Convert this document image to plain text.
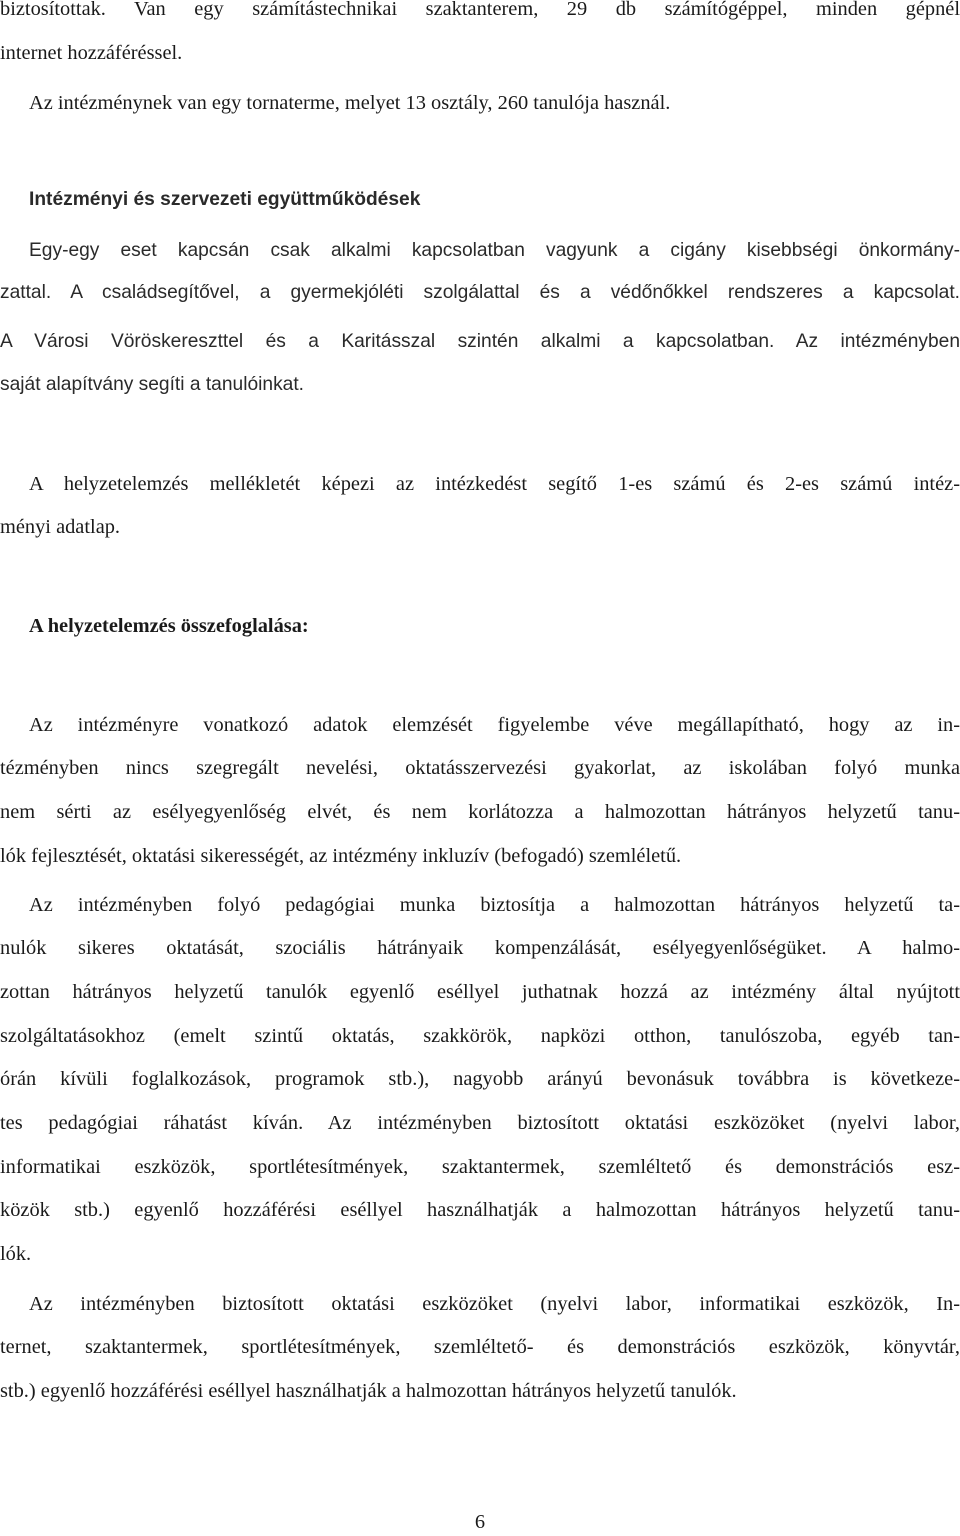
biztosítottak. Van egy számítástechnikai szaktanterem, 29 db számítógéppel, minden gépnél

internet hozzáféréssel.

Az intézménynek van egy tornaterme, melyet 13 osztály, 260 tanulója használ.

Intézményi és szervezeti együttműködések

Egy-egy eset kapcsán csak alkalmi kapcsolatban vagyunk a cigány kisebbségi önkormány-

zattal. A családsegítővel, a gyermekjóléti szolgálattal és a védőnőkkel rendszeres a kapcsolat.

A Városi Vöröskereszttel és a Karitásszal szintén alkalmi a kapcsolatban. Az intézményben

saját alapítvány segíti a tanulóinkat.

A helyzetelemzés mellékletét képezi az intézkedést segítő 1-es számú és 2-es számú intéz-

ményi adatlap.

A helyzetelemzés összefoglalása:

Az intézményre vonatkozó adatok elemzését figyelembe véve megállapítható, hogy az in-

tézményben nincs szegregált nevelési, oktatásszervezési gyakorlat, az iskolában folyó munka

nem sérti az esélyegyenlőség elvét, és nem korlátozza a halmozottan hátrányos helyzetű tanu-

lók fejlesztését, oktatási sikerességét, az intézmény inkluzív (befogadó) szemléletű.

Az intézményben folyó pedagógiai munka biztosítja a halmozottan hátrányos helyzetű ta-

nulók sikeres oktatását, szociális hátrányaik kompenzálását, esélyegyenlőségüket. A halmo-

zottan hátrányos helyzetű tanulók egyenlő eséllyel juthatnak hozzá az intézmény által nyújtott

szolgáltatásokhoz (emelt szintű oktatás, szakkörök, napközi otthon, tanulószoba, egyéb tan-

órán kívüli foglalkozások, programok stb.), nagyobb arányú bevonásuk továbbra is következe-

tes pedagógiai ráhatást kíván. Az intézményben biztosított oktatási eszközöket (nyelvi labor,

informatikai eszközök, sportlétesítmények, szaktantermek, szemléltető és demonstrációs esz-

közök stb.) egyenlő hozzáférési eséllyel használhatják a halmozottan hátrányos helyzetű tanu-

lók.

Az intézményben biztosított oktatási eszközöket (nyelvi labor, informatikai eszközök, In-

ternet, szaktantermek, sportlétesítmények, szemléltető- és demonstrációs eszközök, könyvtár,

stb.) egyenlő hozzáférési eséllyel használhatják a halmozottan hátrányos helyzetű tanulók.

6
